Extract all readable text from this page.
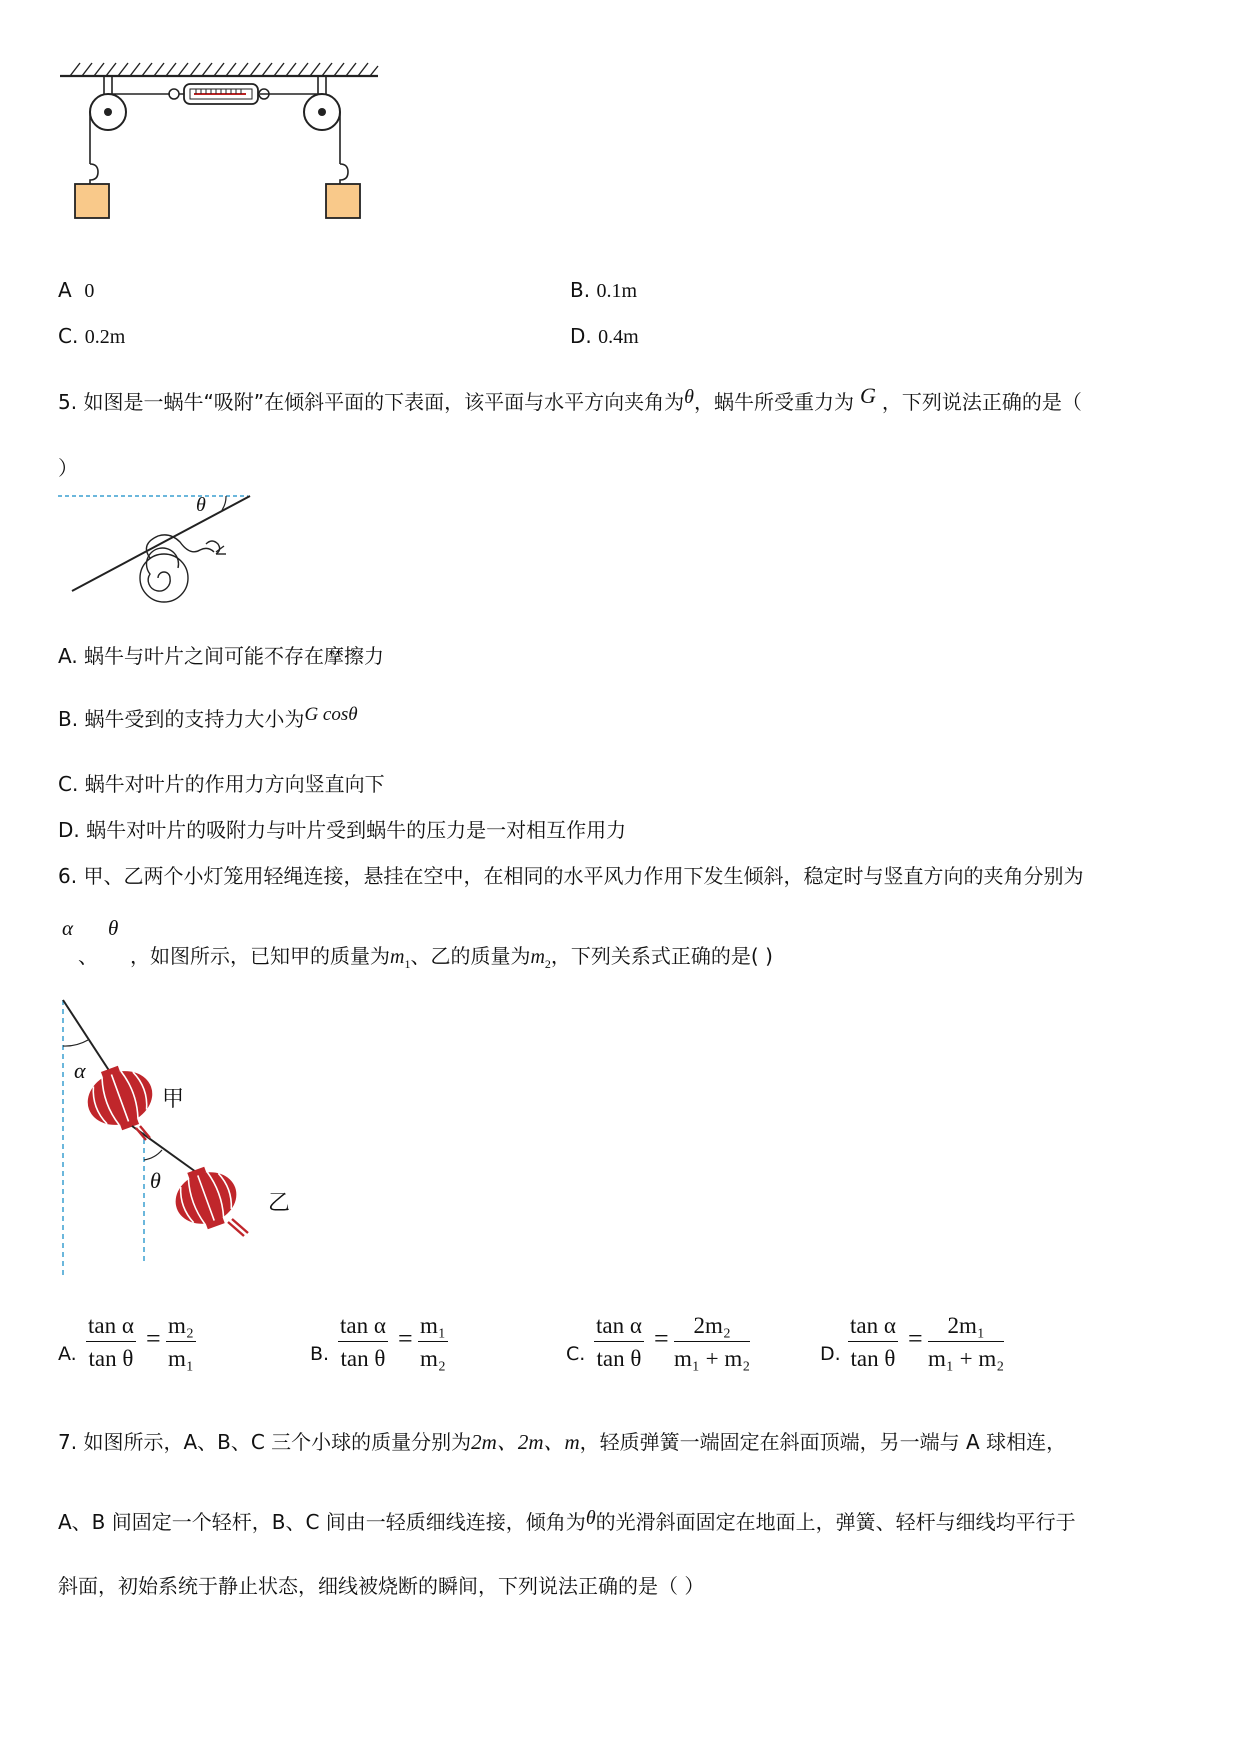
A 0	B. 0.1m
C. 0.2m	D. 0.4m
5. 如图是一蜗牛“吸附”在倾斜平面的下表面，该平面与水平方向夹角为θ，蜗牛所受重力为 G ，下列说法正确的是（
）
θ
A. 蜗牛与叶片之间可能不存在摩擦力
B. 蜗牛受到的支持力大小为G cosθ
C. 蜗牛对叶片的作用力方向竖直向下
D. 蜗牛对叶片的吸附力与叶片受到蜗牛的压力是一对相互作用力
6. 甲、乙两个小灯笼用轻绳连接，悬挂在空中，在相同的水平风力作用下发生倾斜，稳定时与竖直方向的夹角分别为
α θ
、 ，如图所示，已知甲的质量为$m_1$、乙的质量为$m_2$，下列关系式正确的是( )
α
甲
θ
乙
A. $\frac{\text{tan α}}{\text{tan θ}} = \frac{\text{m₂}}{\text{m₁}}$	B. $\frac{\text{tan α}}{\text{tan θ}} = \frac{\text{m₁}}{\text{m₂}}$	C. $\frac{\text{tan α}}{\text{tan θ}} = \frac{\text{2m₂}}{\text{m₁ + m₂}}$	D. $\frac{\text{tan α}}{\text{tan θ}} = \frac{\text{2m₁}}{\text{m₁ + m₂}}$
7. 如图所示，A、B、C 三个小球的质量分别为2m、2m、m，轻质弹簧一端固定在斜面顶端，另一端与 A 球相连，
A、B 间固定一个轻杆，B、C 间由一轻质细线连接，倾角为θ的光滑斜面固定在地面上，弹簧、轻杆与细线均平行于
斜面，初始系统于静止状态，细线被烧断的瞬间，下列说法正确的是（ ）
